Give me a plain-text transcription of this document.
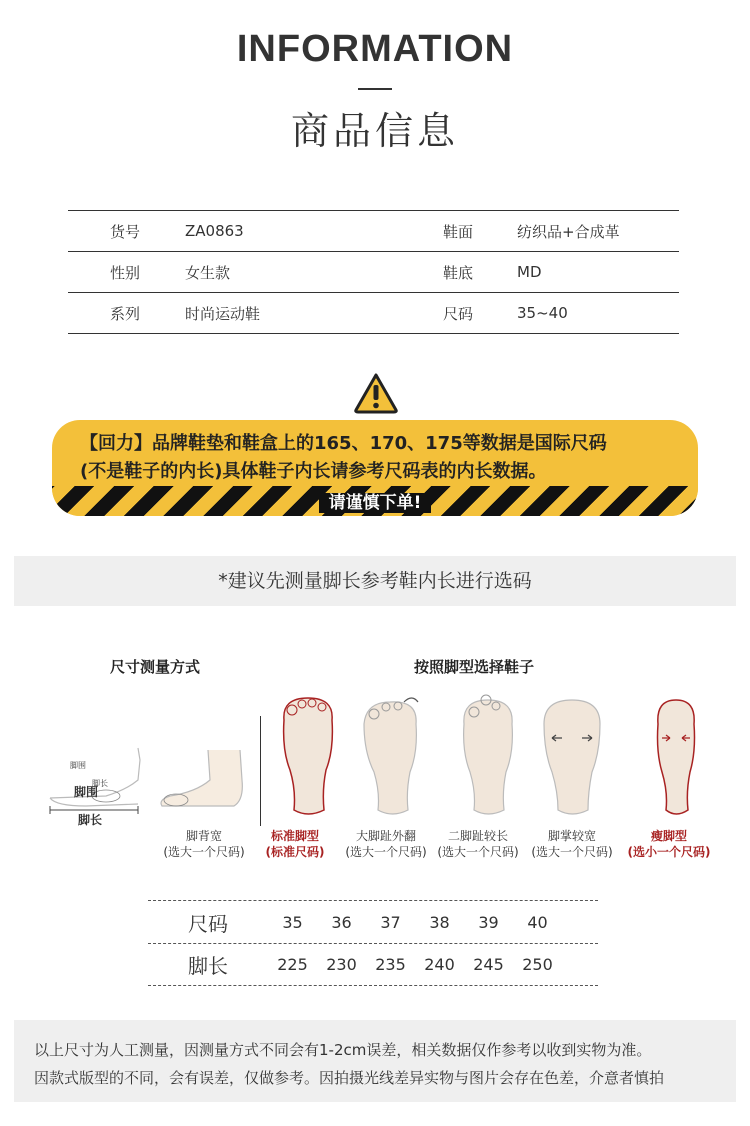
INFORMATION
商品信息
货号	ZA0863	鞋面	纺织品+合成革
性别	女生款	鞋底	MD
系列	时尚运动鞋	尺码	35~40
【回力】品牌鞋垫和鞋盒上的165、170、175等数据是国际尺码
(不是鞋子的内长)具体鞋子内长请参考尺码表的内长数据。
请谨慎下单!
*建议先测量脚长参考鞋内长进行选码
尺寸测量方式	按照脚型选择鞋子
脚围
脚长
脚围
脚长
脚背宽
(选大一个尺码)
标准脚型
(标准尺码)
大脚趾外翻
(选大一个尺码)
二脚趾较长
(选大一个尺码)
脚掌较宽
(选大一个尺码)
瘦脚型
(选小一个尺码)
尺码	35	36	37	38	39	40
脚长	225	230	235	240	245	250
以上尺寸为人工测量，因测量方式不同会有1-2cm误差，相关数据仅作参考以收到实物为准。
因款式版型的不同，会有误差，仅做参考。因拍摄光线差异实物与图片会存在色差，介意者慎拍
